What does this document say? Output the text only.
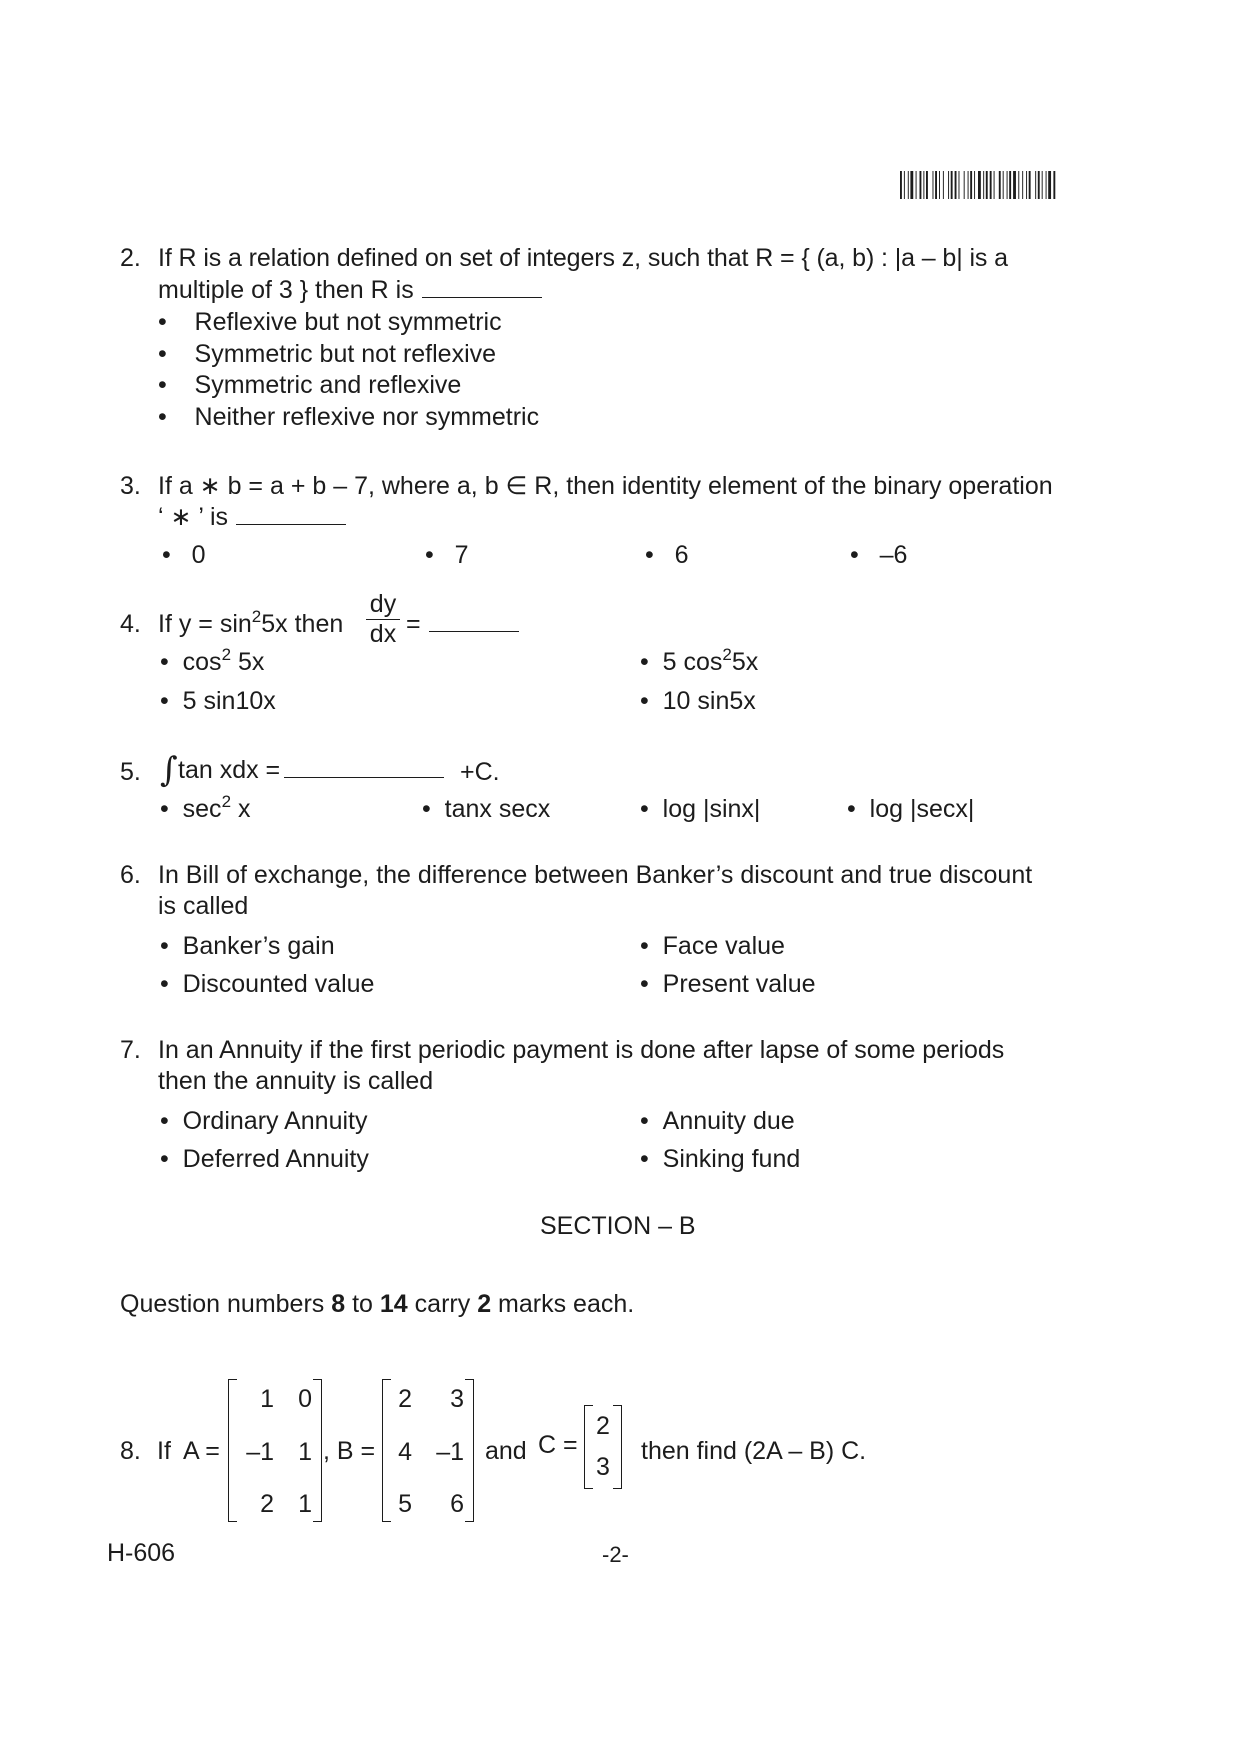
2. If R is a relation defined on set of integers z, such that R = { (a, b) : |a – b| is a
multiple of 3 } then R is
•    Reflexive but not symmetric
•    Symmetric but not reflexive
•    Symmetric and reflexive
•    Neither reflexive nor symmetric
3. If a ∗ b = a + b – 7, where a, b ∈ R, then identity element of the binary operation
‘ ∗ ’ is
•   0	•   7	•   6	•   –6
4. If $y = \sin^25x$ then
dy
dx =
•  $\cos^2 5x$	•  5 $\cos^25x$
•  5 sin10x	•  10 sin5x
5. ∫ tan xdx =	+C.
•  $\sec^2 x$	•  tanx secx	•  log |sinx|	•  log |secx|
6. In Bill of exchange, the difference between Banker’s discount and true discount
is called
•  Banker’s gain	•  Face value
•  Discounted value	•  Present value
7. In an Annuity if the first periodic payment is done after lapse of some periods
then the annuity is called
•  Ordinary Annuity	•  Annuity due
•  Deferred Annuity	•  Sinking fund
SECTION – B
Question numbers 8 to 14 carry 2 marks each.
8. If A =
1 0
–1 1
2 1
, B =
2	3
4 –1
5	6
and C =
2
3
then find (2A – B) C.
H-606	-2-
